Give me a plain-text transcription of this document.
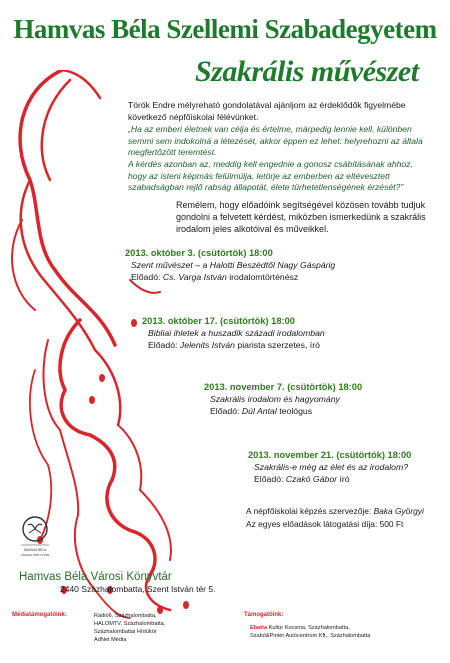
Hamvas Béla Szellemi Szabadegyetem
Szakrális művészet
Török Endre mélyreható gondolatával ajánljom az érdeklődők figyelmébe következő népfőiskolai félévünket.
„Ha az emberi életnek van célja és értelme, márpedig lennie kell, különben semmi sem indokolná a létezését, akkor éppen ez lehet: helyrehozni az általa megfertőzött teremtést.
A kérdés azonban az, meddig kell engednie a gonosz csábításának ahhoz, hogy az isteni képmás felülmúlja, letörje az emberben az eltévesztett szabadságban rejlő rabság állapotát, élete türhetetlenségének érzését?”
Remélem, hogy előadóink segítségével közösen tovább tudjuk gondolni a felvetett kérdést, miközben ismerkedünk a szakrális irodalom jeles alkotóival és műveikkel.
2013. október 3. (csütörtök) 18:00
Szent művészet – a Halotti Beszédtől Nagy Gáspárig
Előadó: Cs. Varga István irodalomtörténész
2013. október 17. (csütörtök) 18:00
Bibliai ihletek a huszadik századi irodalomban
Előadó: Jelenits István piarista szerzetes, író
2013. november 7. (csütörtök) 18:00
Szakrális irodalom és hagyomány
Előadó: Dúl Antal teológus
2013. november 21. (csütörtök) 18:00
Szakrális-e még az élet és az irodalom?
Előadó: Czakó Gábor író
A népfőiskolai képzés szervezője: Baka Györgyi
Az egyes előadások látogatási díja: 500 Ft
HAMVAS BÉLA
VÁROSI KÖNYVTÁR
Hamvas Béla Városi Könyvtár
2440 Százhalombatta, Szent István tér 5.
Médiatámogatóink:	Rádió6, Százhalombatta,
HALOMTV, Százhalombatta,
Százhalombattai Hírtükör
AdNet Média
Támogatóink:
Ebatta Kultúr Kocsma, Százhalombatta,
Szabó&Pintér Autócentrum Kft., Százhalombatta
